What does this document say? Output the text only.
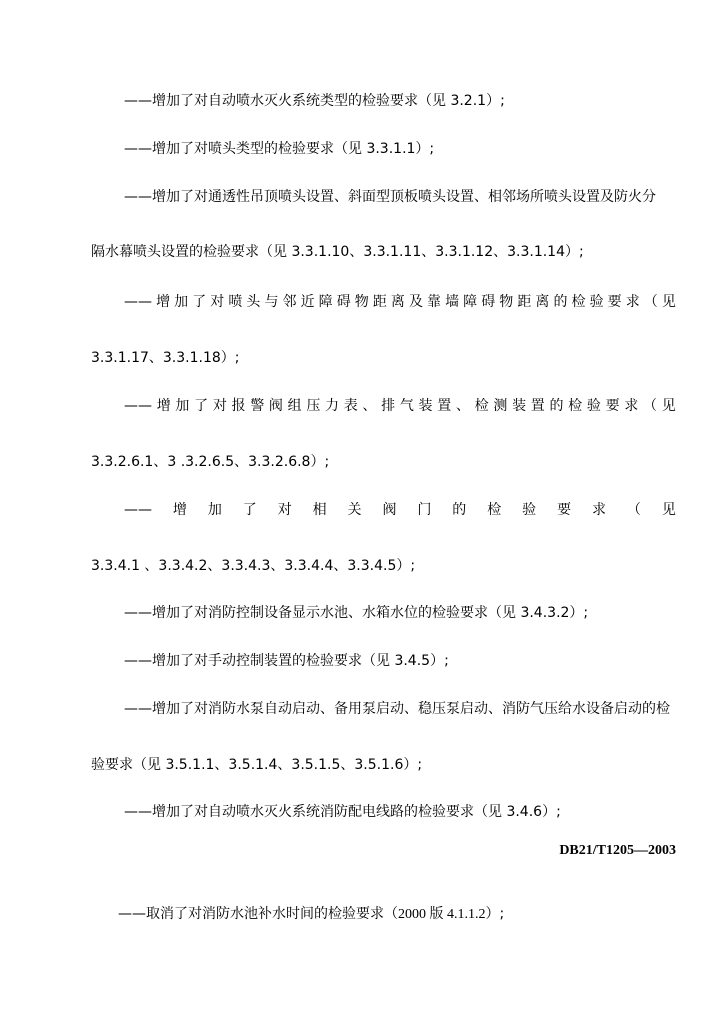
——增加了对自动喷水灭火系统类型的检验要求（见 3.2.1）;
——增加了对喷头类型的检验要求（见 3.3.1.1）;
——增加了对通透性吊顶喷头设置、斜面型顶板喷头设置、相邻场所喷头设置及防火分
隔水幕喷头设置的检验要求（见 3.3.1.10、3.3.1.11、3.3.1.12、3.3.1.14）;
—— 增 加 了 对 喷 头 与 邻 近 障 碍 物 距 离 及 靠 墙 障 碍 物 距 离 的 检 验 要 求 （ 见
3.3.1.17、3.3.1.18）;
—— 增 加 了 对 报 警 阀 组 压 力 表 、 排 气 装 置 、 检 测 装 置 的 检 验 要 求 （ 见
3.3.2.6.1、3 .3.2.6.5、3.3.2.6.8）;
—— 增 加 了 对 相 关 阀 门 的 检 验 要 求 （ 见
3.3.4.1 、3.3.4.2、3.3.4.3、3.3.4.4、3.3.4.5）;
——增加了对消防控制设备显示水池、水箱水位的检验要求（见 3.4.3.2）;
——增加了对手动控制装置的检验要求（见 3.4.5）;
——增加了对消防水泵自动启动、备用泵启动、稳压泵启动、消防气压给水设备启动的检
验要求（见 3.5.1.1、3.5.1.4、3.5.1.5、3.5.1.6）;
——增加了对自动喷水灭火系统消防配电线路的检验要求（见 3.4.6）;
DB21/T1205—2003
——取消了对消防水池补水时间的检验要求（2000 版 4.1.1.2）;
